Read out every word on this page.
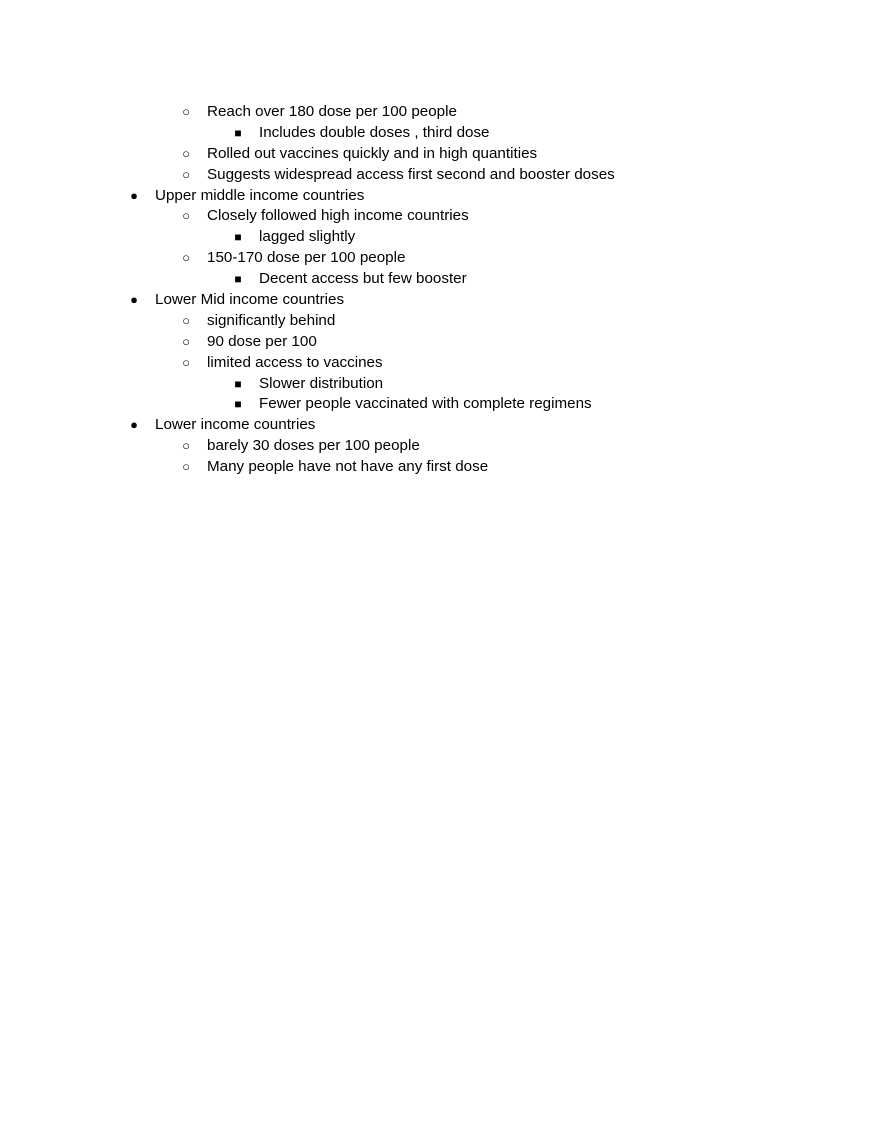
○ Reach over 180 dose per 100 people
■ Includes double doses , third dose
○ Rolled out vaccines quickly and in high quantities
○ Suggests widespread access first second and booster doses
● Upper middle income countries
○ Closely followed high income countries
■ lagged slightly
○ 150-170 dose per 100 people
■ Decent access but few booster
● Lower Mid income countries
○ significantly behind
○ 90 dose per 100
○ limited access to vaccines
■ Slower distribution
■ Fewer people vaccinated with complete regimens
● Lower income countries
○ barely 30 doses per 100 people
○ Many people have not have any first dose
